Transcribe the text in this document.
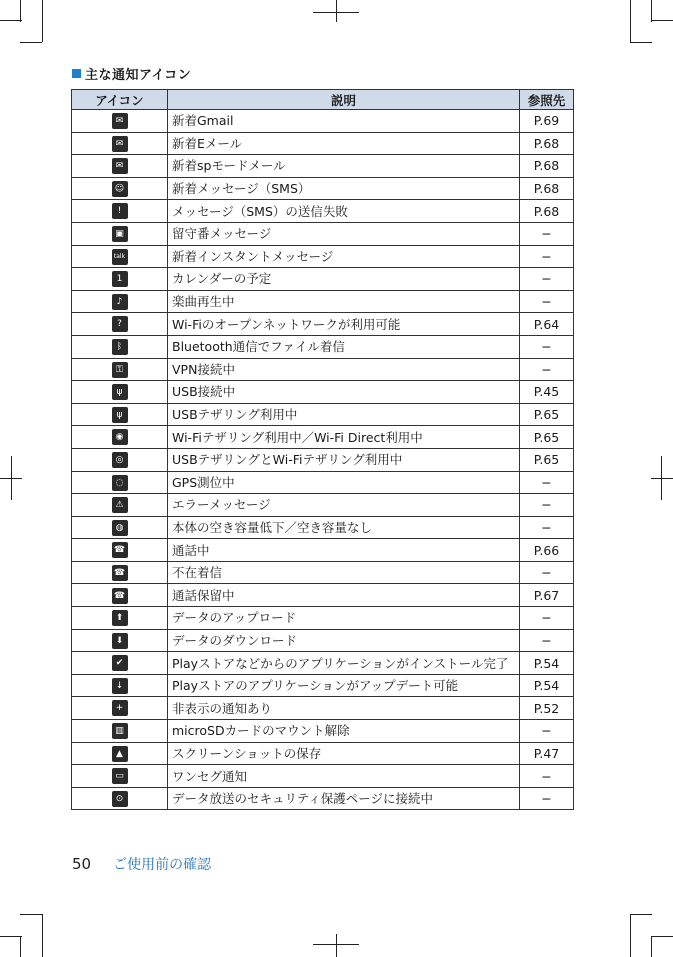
主な通知アイコン
アイコン	説明	参照先
✉	新着Gmail	P.69
✉	新着Eメール	P.68
✉	新着spモードメール	P.68
☺	新着メッセージ（SMS）	P.68
!	メッセージ（SMS）の送信失敗	P.68
▣	留守番メッセージ	−
talk	新着インスタントメッセージ	−
1	カレンダーの予定	−
♪	楽曲再生中	−
?	Wi-Fiのオープンネットワークが利用可能	P.64
ᛒ	Bluetooth通信でファイル着信	−
⚿	VPN接続中	−
ψ	USB接続中	P.45
ψ	USBテザリング利用中	P.65
◉	Wi-Fiテザリング利用中／Wi-Fi Direct利用中	P.65
◎	USBテザリングとWi-Fiテザリング利用中	P.65
◌	GPS測位中	−
⚠	エラーメッセージ	−
◍	本体の空き容量低下／空き容量なし	−
☎	通話中	P.66
☎	不在着信	−
☎	通話保留中	P.67
⬆	データのアップロード	−
⬇	データのダウンロード	−
✔	Playストアなどからのアプリケーションがインストール完了	P.54
↓	Playストアのアプリケーションがアップデート可能	P.54
+	非表示の通知あり	P.52
▥	microSDカードのマウント解除	−
▲	スクリーンショットの保存	P.47
▭	ワンセグ通知	−
⊙	データ放送のセキュリティ保護ページに接続中	−
50 ご使用前の確認
